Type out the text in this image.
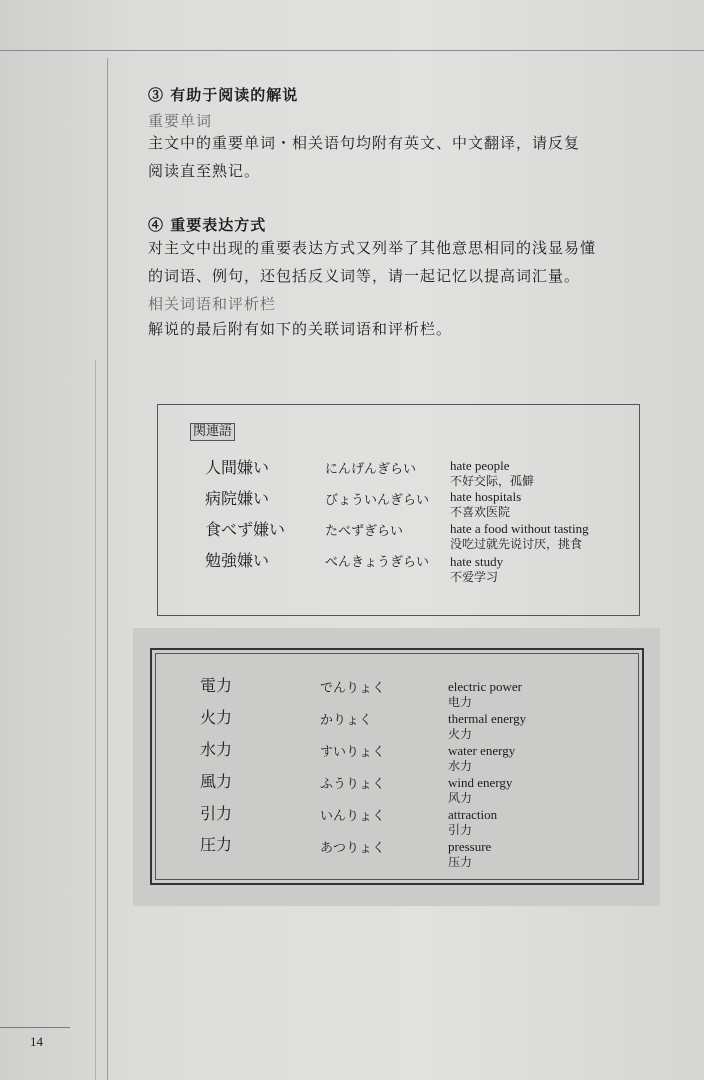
③ 有助于阅读的解说
重要单词
主文中的重要单词・相关语句均附有英文、中文翻译，请反复
阅读直至熟记。
④ 重要表达方式
对主文中出现的重要表达方式又列举了其他意思相同的浅显易懂
的词语、例句，还包括反义词等，请一起记忆以提高词汇量。
相关词语和评析栏
解说的最后附有如下的关联词语和评析栏。
関連語
人間嫌い	にんげんぎらい	hate people
不好交际，孤僻
病院嫌い	びょういんぎらい hate hospitals
不喜欢医院
食べず嫌い	たべずぎらい	hate a food without tasting
没吃过就先说讨厌，挑食
勉強嫌い	べんきょうぎらい hate study
不爱学习
電力	でんりょく	electric power
电力
火力	かりょく	thermal energy
火力
水力	すいりょく	water energy
水力
風力	ふうりょく	wind energy
风力
引力	いんりょく	attraction
引力
圧力	あつりょく	pressure
压力
14
